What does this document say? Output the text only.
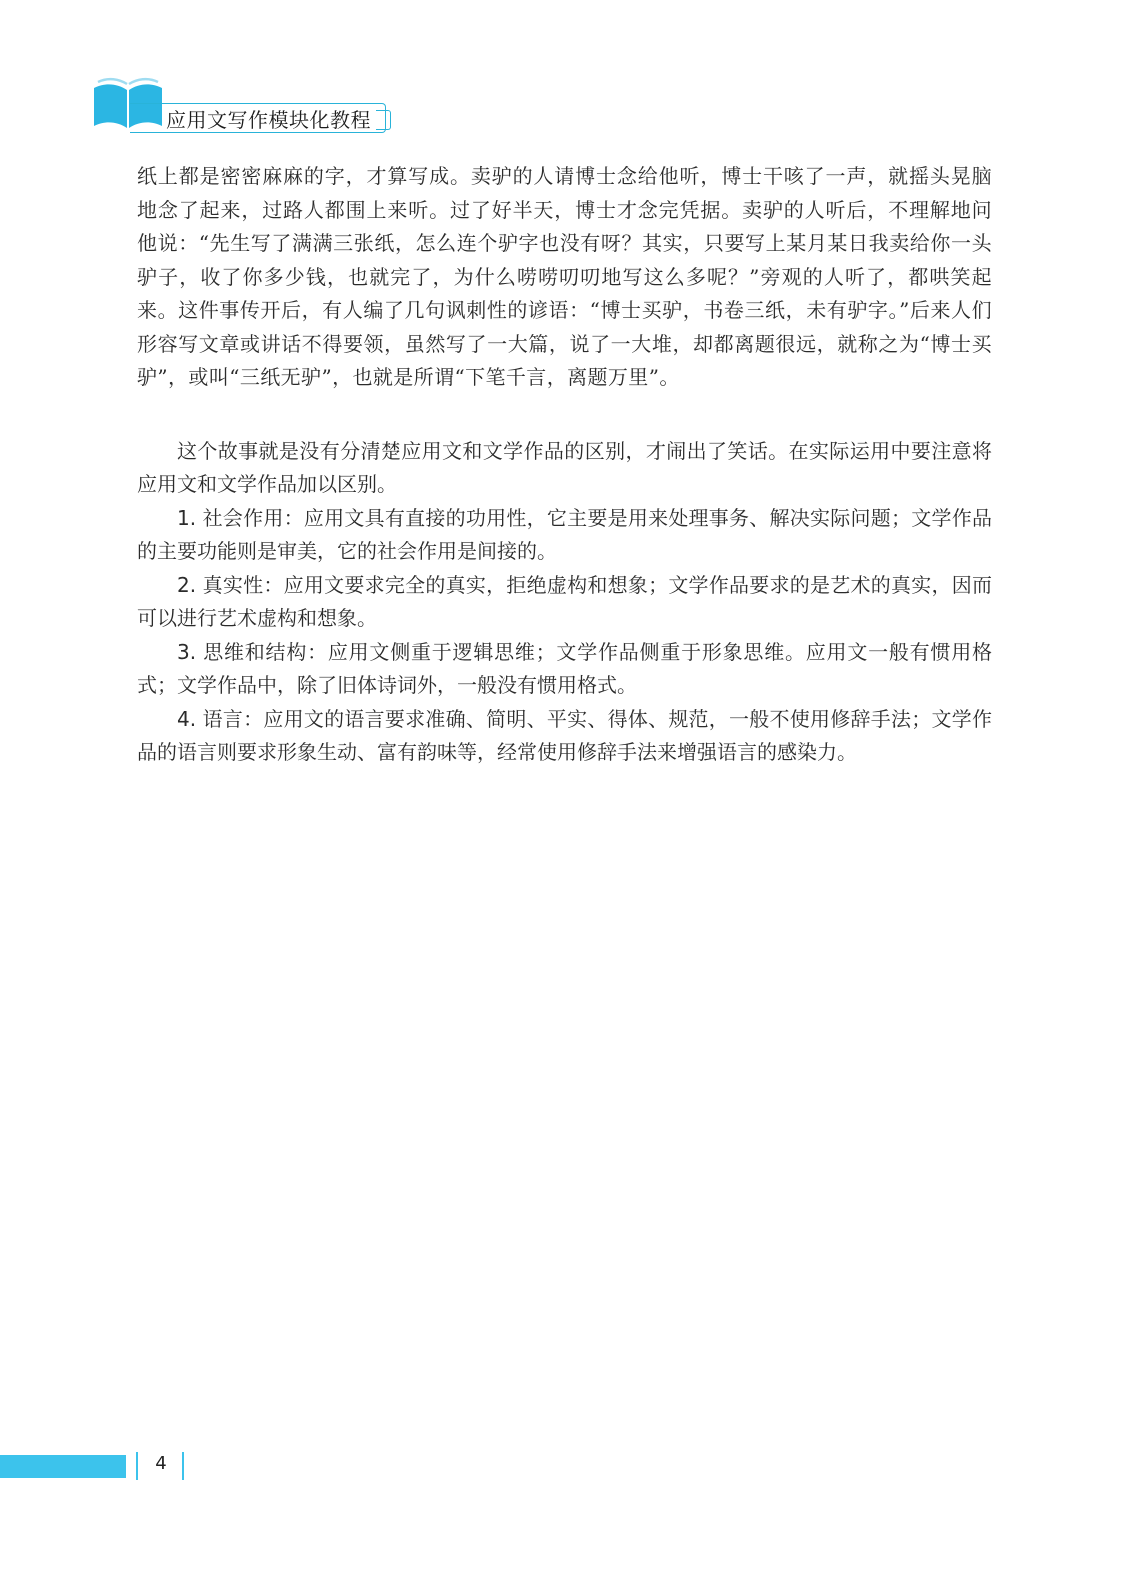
应用文写作模块化教程

纸上都是密密麻麻的字，才算写成。卖驴的人请博士念给他听，博士干咳了一声，就摇头晃脑地念了起来，过路人都围上来听。过了好半天，博士才念完凭据。卖驴的人听后，不理解地问他说：“先生写了满满三张纸，怎么连个驴字也没有呀？其实，只要写上某月某日我卖给你一头驴子，收了你多少钱，也就完了，为什么唠唠叨叨地写这么多呢？”旁观的人听了，都哄笑起来。这件事传开后，有人编了几句讽刺性的谚语：“博士买驴，书卷三纸，未有驴字。”后来人们形容写文章或讲话不得要领，虽然写了一大篇，说了一大堆，却都离题很远，就称之为“博士买驴”，或叫“三纸无驴”，也就是所谓“下笔千言，离题万里”。

这个故事就是没有分清楚应用文和文学作品的区别，才闹出了笑话。在实际运用中要注意将应用文和文学作品加以区别。

1. 社会作用：应用文具有直接的功用性，它主要是用来处理事务、解决实际问题；文学作品的主要功能则是审美，它的社会作用是间接的。

2. 真实性：应用文要求完全的真实，拒绝虚构和想象；文学作品要求的是艺术的真实，因而可以进行艺术虚构和想象。

3. 思维和结构：应用文侧重于逻辑思维；文学作品侧重于形象思维。应用文一般有惯用格式；文学作品中，除了旧体诗词外，一般没有惯用格式。

4. 语言：应用文的语言要求准确、简明、平实、得体、规范，一般不使用修辞手法；文学作品的语言则要求形象生动、富有韵味等，经常使用修辞手法来增强语言的感染力。

4
